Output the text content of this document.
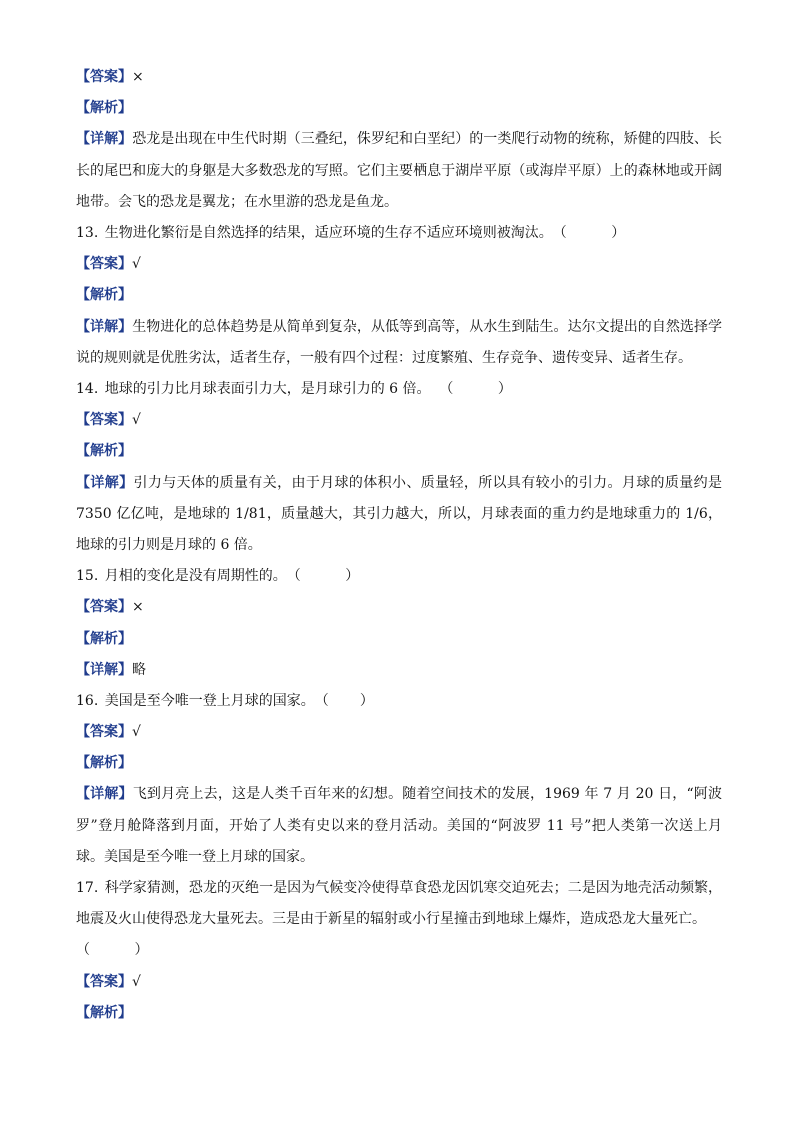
【答案】×
【解析】
【详解】恐龙是出现在中生代时期（三叠纪，侏罗纪和白垩纪）的一类爬行动物的统称，矫健的四肢、长长的尾巴和庞大的身躯是大多数恐龙的写照。它们主要栖息于湖岸平原（或海岸平原）上的森林地或开阔地带。会飞的恐龙是翼龙；在水里游的恐龙是鱼龙。
13. 生物进化繁衍是自然选择的结果，适应环境的生存不适应环境则被淘汰。（          ）
【答案】√
【解析】
【详解】生物进化的总体趋势是从简单到复杂，从低等到高等，从水生到陆生。达尔文提出的自然选择学说的规则就是优胜劣汰，适者生存，一般有四个过程：过度繁殖、生存竞争、遗传变异、适者生存。
14. 地球的引力比月球表面引力大，是月球引力的 6 倍。  （          ）
【答案】√
【解析】
【详解】引力与天体的质量有关，由于月球的体积小、质量轻，所以具有较小的引力。月球的质量约是 7350 亿亿吨，是地球的 1/81，质量越大，其引力越大，所以，月球表面的重力约是地球重力的 1/6，地球的引力则是月球的 6 倍。
15. 月相的变化是没有周期性的。（          ）
【答案】×
【解析】
【详解】略
16. 美国是至今唯一登上月球的国家。（       ）
【答案】√
【解析】
【详解】飞到月亮上去，这是人类千百年来的幻想。随着空间技术的发展，1969 年 7 月 20 日，“阿波罗”登月舱降落到月面，开始了人类有史以来的登月活动。美国的“阿波罗 11 号”把人类第一次送上月球。美国是至今唯一登上月球的国家。
17. 科学家猜测，恐龙的灭绝一是因为气候变冷使得草食恐龙因饥寒交迫死去；二是因为地壳活动频繁，地震及火山使得恐龙大量死去。三是由于新星的辐射或小行星撞击到地球上爆炸，造成恐龙大量死亡。
（          ）
【答案】√
【解析】
